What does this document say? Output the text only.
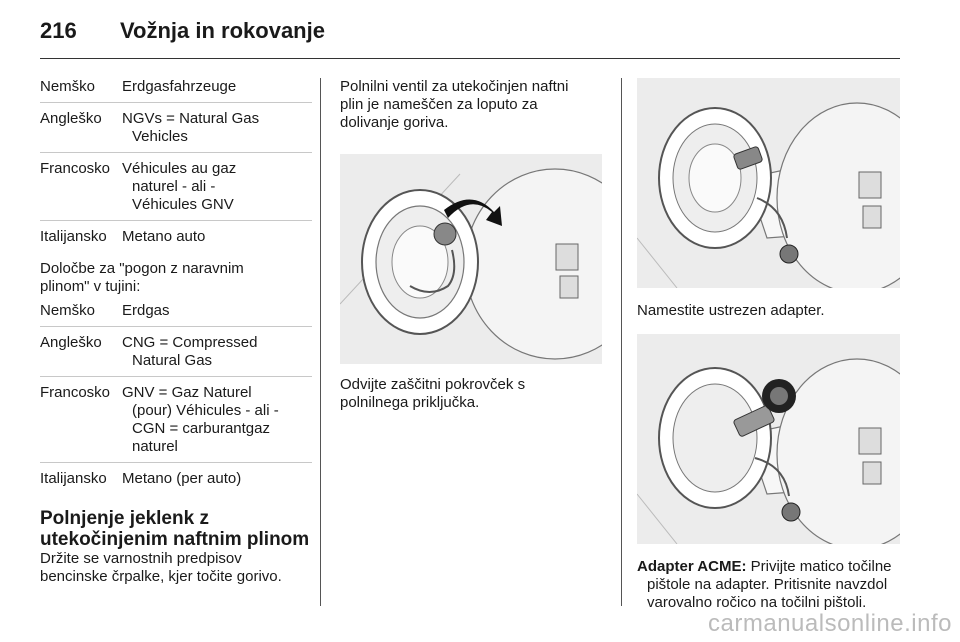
216 Vožnja in rokovanje
Nemško	Erdgasfahrzeuge
Angleško	NGVs = Natural Gas
Vehicles
Francosko Véhicules au gaz
naturel - ali -
Véhicules GNV
Italijansko	Metano auto
Določbe za "pogon z naravnim
plinom" v tujini:
Nemško	Erdgas
Angleško	CNG = Compressed
Natural Gas
Francosko GNV = Gaz Naturel
(pour) Véhicules - ali -
CGN = carburantgaz
naturel
Italijansko	Metano (per auto)
Polnjenje jeklenk z
utekočinjenim naftnim plinom
Držite se varnostnih predpisov
bencinske črpalke, kjer točite gorivo.
Polnilni ventil za utekočinjen naftni
plin je nameščen za loputo za
dolivanje goriva.
Odvijte zaščitni pokrovček s
polnilnega priključka.
Namestite ustrezen adapter.
Adapter ACME: Privijte matico točilne
pištole na adapter. Pritisnite navzdol
varovalno ročico na točilni pištoli.
carmanualsonline.info
